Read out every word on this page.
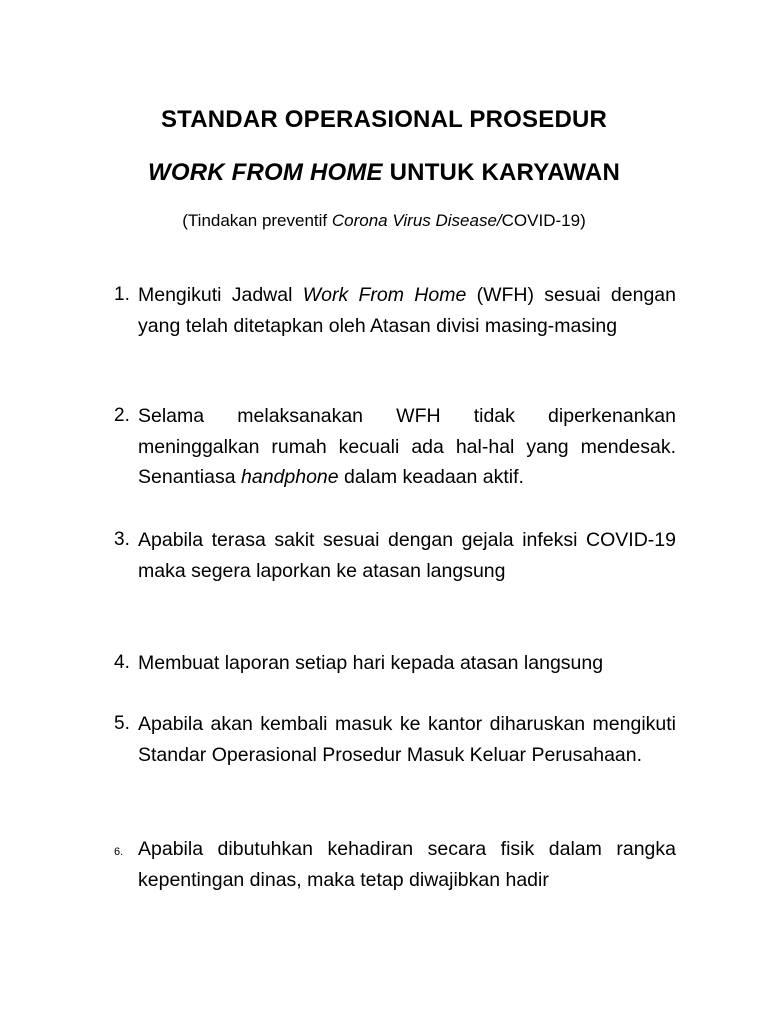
STANDAR OPERASIONAL PROSEDUR
WORK FROM HOME UNTUK KARYAWAN
(Tindakan preventif Corona Virus Disease/COVID-19)
1. Mengikuti Jadwal Work From Home (WFH) sesuai dengan yang telah ditetapkan oleh Atasan divisi masing-masing
2. Selama melaksanakan WFH tidak diperkenankan meninggalkan rumah kecuali ada hal-hal yang mendesak. Senantiasa handphone dalam keadaan aktif.
3. Apabila terasa sakit sesuai dengan gejala infeksi COVID-19 maka segera laporkan ke atasan langsung
4. Membuat laporan setiap hari kepada atasan langsung
5. Apabila akan kembali masuk ke kantor diharuskan mengikuti Standar Operasional Prosedur Masuk Keluar Perusahaan.
6. Apabila dibutuhkan kehadiran secara fisik dalam rangka kepentingan dinas, maka tetap diwajibkan hadir
